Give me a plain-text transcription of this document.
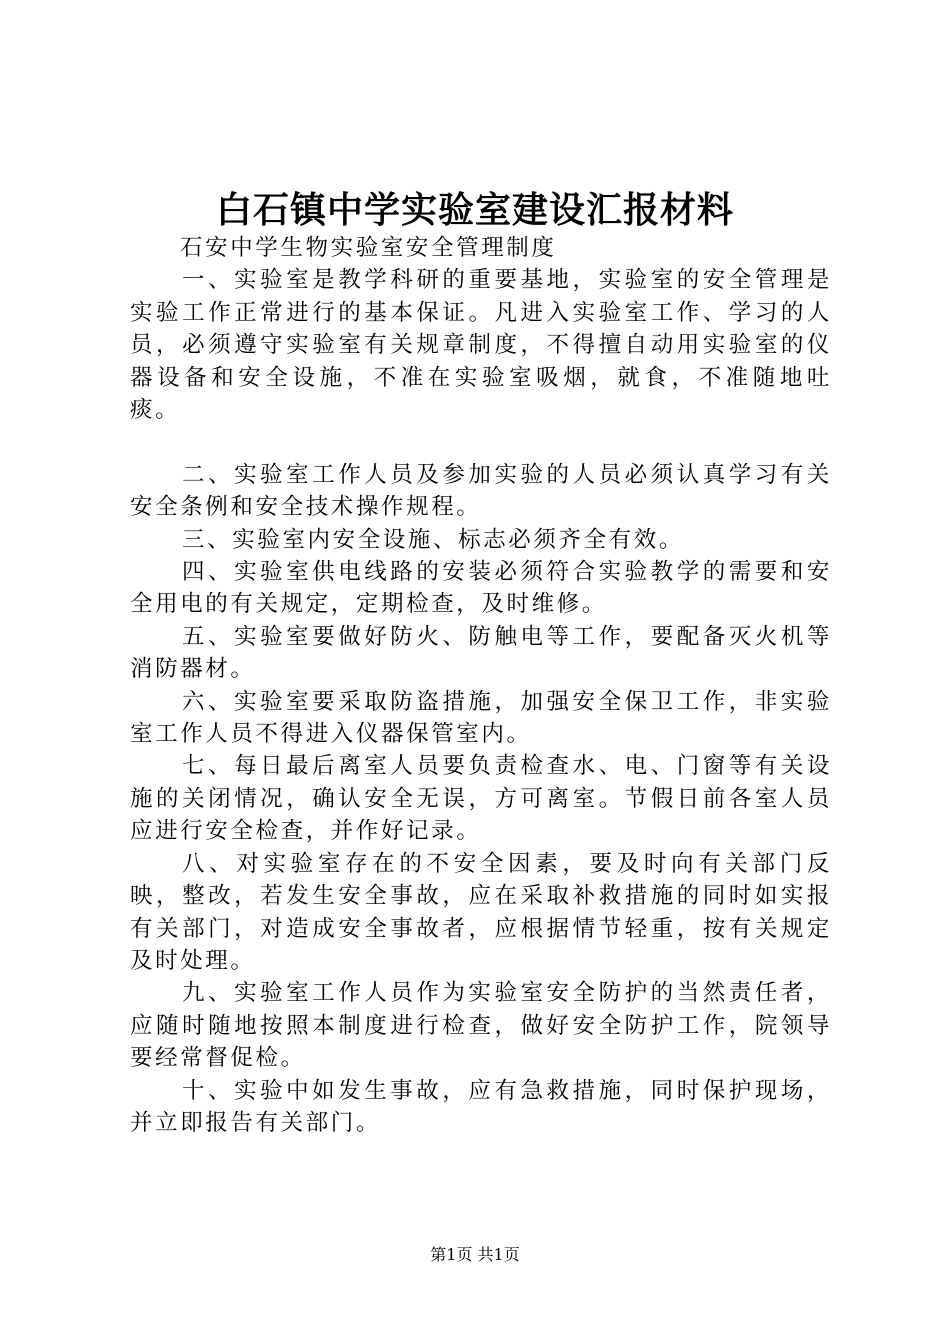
白石镇中学实验室建设汇报材料

石安中学生物实验室安全管理制度

一、实验室是教学科研的重要基地，实验室的安全管理是实验工作正常进行的基本保证。凡进入实验室工作、学习的人员，必须遵守实验室有关规章制度，不得擅自动用实验室的仪器设备和安全设施，不准在实验室吸烟，就食，不准随地吐痰。

二、实验室工作人员及参加实验的人员必须认真学习有关安全条例和安全技术操作规程。

三、实验室内安全设施、标志必须齐全有效。

四、实验室供电线路的安装必须符合实验教学的需要和安全用电的有关规定，定期检查，及时维修。

五、实验室要做好防火、防触电等工作，要配备灭火机等消防器材。

六、实验室要采取防盗措施，加强安全保卫工作，非实验室工作人员不得进入仪器保管室内。

七、每日最后离室人员要负责检查水、电、门窗等有关设施的关闭情况，确认安全无误，方可离室。节假日前各室人员应进行安全检查，并作好记录。

八、对实验室存在的不安全因素，要及时向有关部门反映，整改，若发生安全事故，应在采取补救措施的同时如实报有关部门，对造成安全事故者，应根据情节轻重，按有关规定及时处理。

九、实验室工作人员作为实验室安全防护的当然责任者，应随时随地按照本制度进行检查，做好安全防护工作，院领导要经常督促检。

十、实验中如发生事故，应有急救措施，同时保护现场，并立即报告有关部门。

第1页 共1页
